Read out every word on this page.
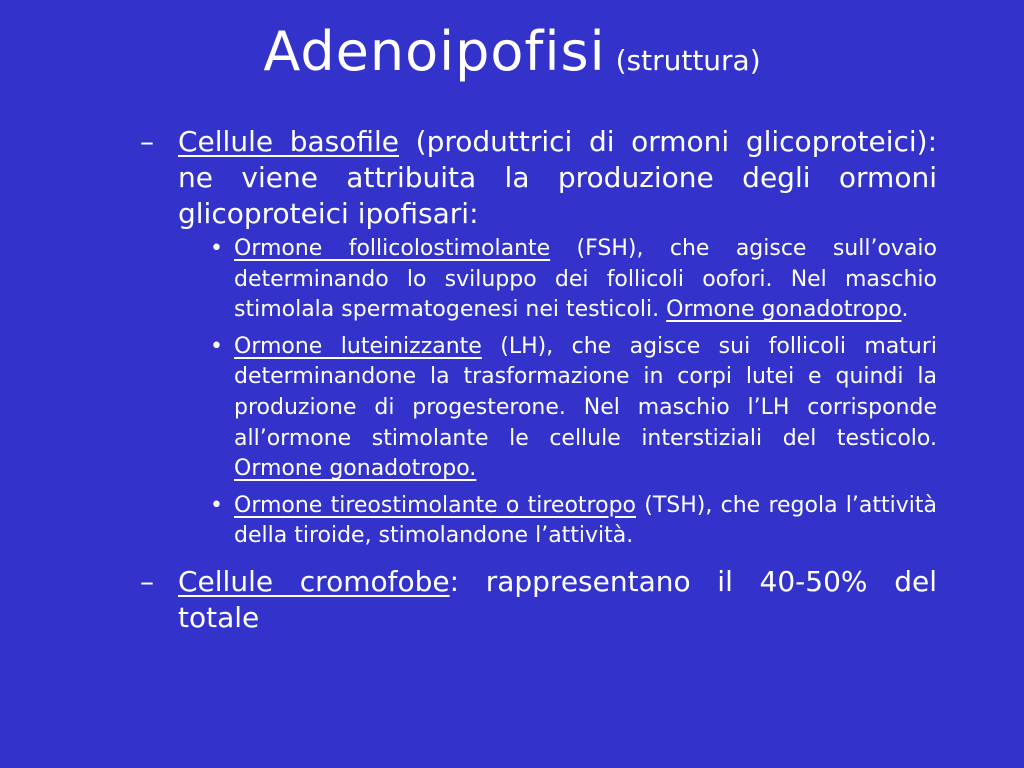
Adenoipofisi (struttura)
– Cellule basofile (produttrici di ormoni glicoproteici): ne viene attribuita la produzione degli ormoni glicoproteici ipofisari:
• Ormone follicolostimolante (FSH), che agisce sull’ovaio determinando lo sviluppo dei follicoli oofori. Nel maschio stimolala spermatogenesi nei testicoli. Ormone gonadotropo.
• Ormone luteinizzante (LH), che agisce sui follicoli maturi determinandone la trasformazione in corpi lutei e quindi la produzione di progesterone. Nel maschio l’LH corrisponde all’ormone stimolante le cellule interstiziali del testicolo. Ormone gonadotropo.
• Ormone tireostimolante o tireotropo (TSH), che regola l’attività della tiroide, stimolandone l’attività.
– Cellule cromofobe: rappresentano il 40-50% del totale
